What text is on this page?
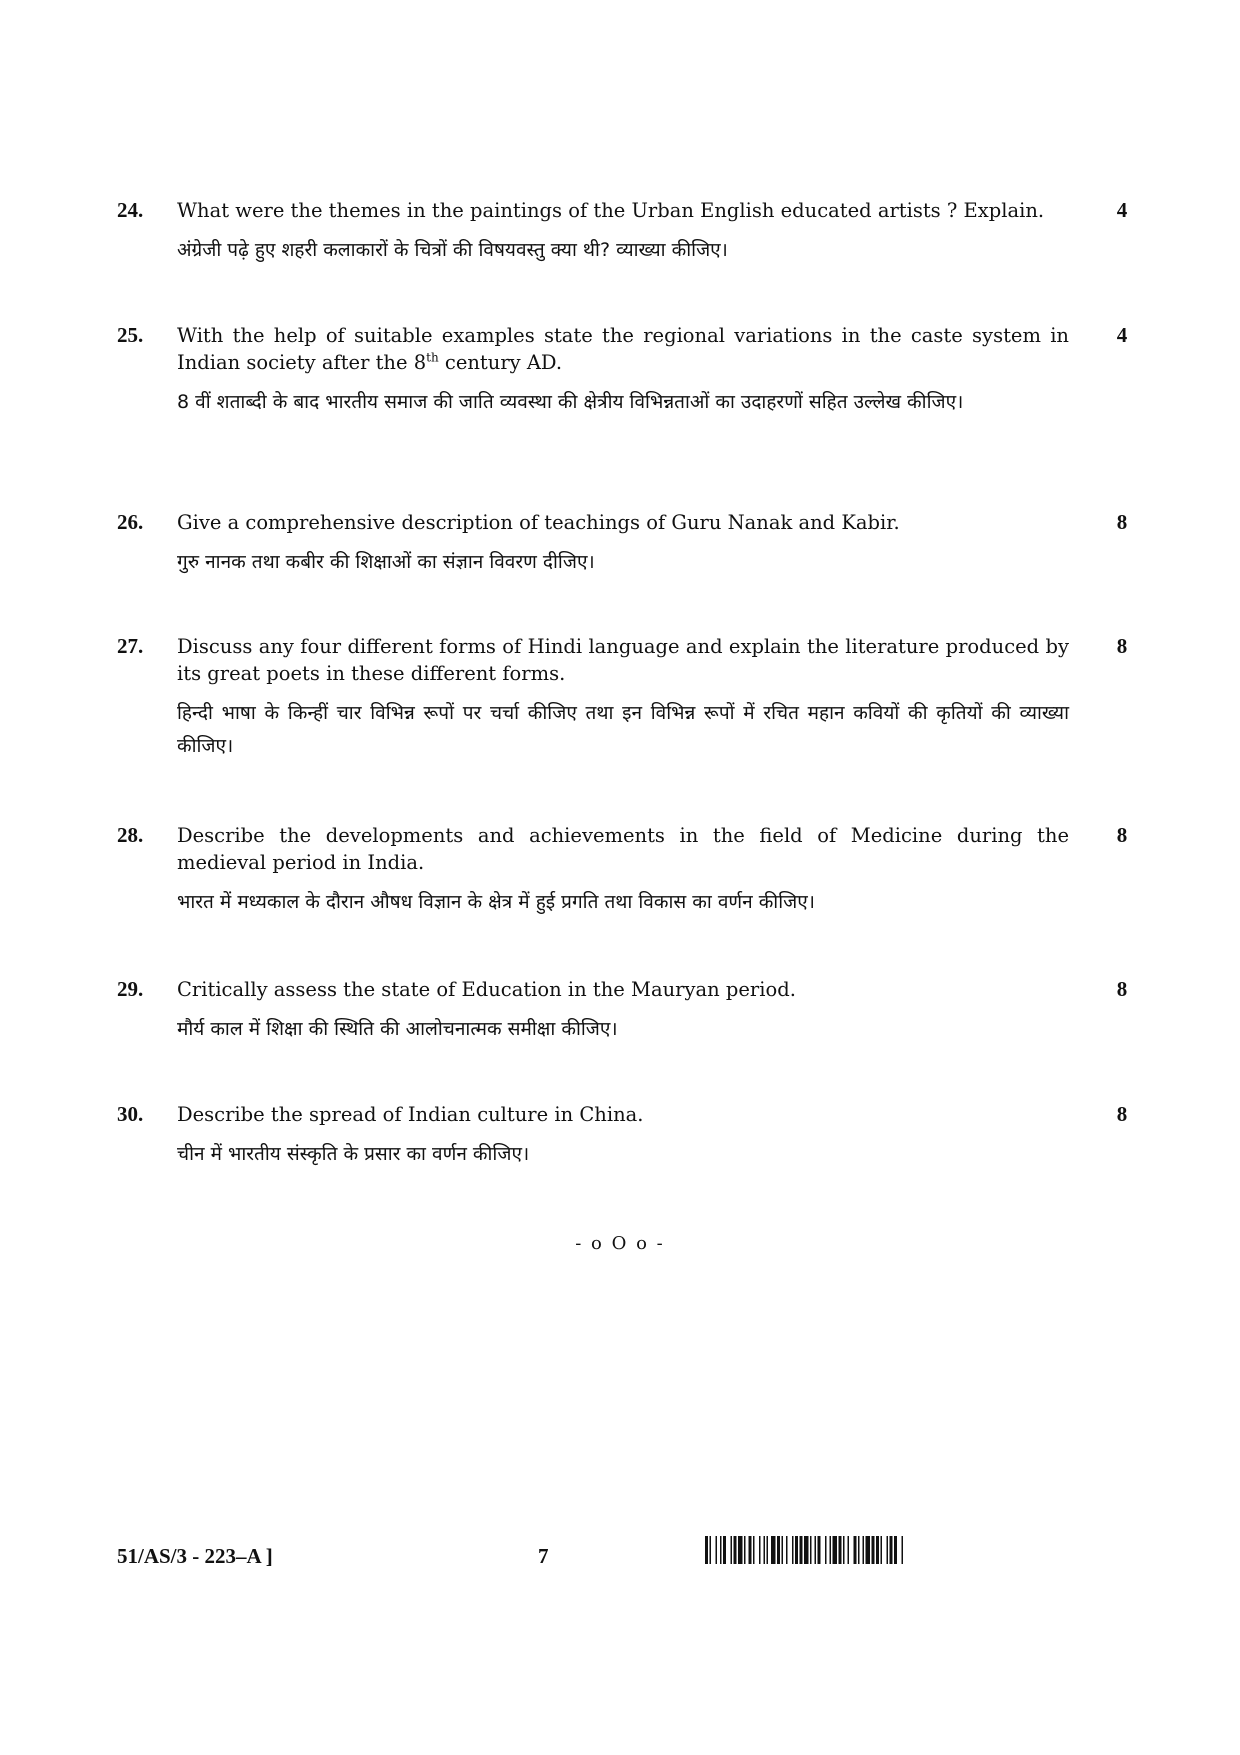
24. What were the themes in the paintings of the Urban English educated artists ? Explain.

अंग्रेजी पढ़े हुए शहरी कलाकारों के चित्रों की विषयवस्तु क्या थी? व्याख्या कीजिए।

4
25. With the help of suitable examples state the regional variations in the caste system in Indian society after the 8th century AD.

8 वीं शताब्दी के बाद भारतीय समाज की जाति व्यवस्था की क्षेत्रीय विभिन्नताओं का उदाहरणों सहित उल्लेख कीजिए।

4
26. Give a comprehensive description of teachings of Guru Nanak and Kabir.

गुरु नानक तथा कबीर की शिक्षाओं का संज्ञान विवरण दीजिए।

8
27. Discuss any four different forms of Hindi language and explain the literature produced by its great poets in these different forms.

हिन्दी भाषा के किन्हीं चार विभिन्न रूपों पर चर्चा कीजिए तथा इन विभिन्न रूपों में रचित महान कवियों की कृतियों की व्याख्या कीजिए।

8
28. Describe the developments and achievements in the field of Medicine during the medieval period in India.

भारत में मध्यकाल के दौरान औषध विज्ञान के क्षेत्र में हुई प्रगति तथा विकास का वर्णन कीजिए।

8
29. Critically assess the state of Education in the Mauryan period.

मौर्य काल में शिक्षा की स्थिति की आलोचनात्मक समीक्षा कीजिए।

8
30. Describe the spread of Indian culture in China.

चीन में भारतीय संस्कृति के प्रसार का वर्णन कीजिए।

8
- o O o -
51/AS/3 - 223–A ]	7
